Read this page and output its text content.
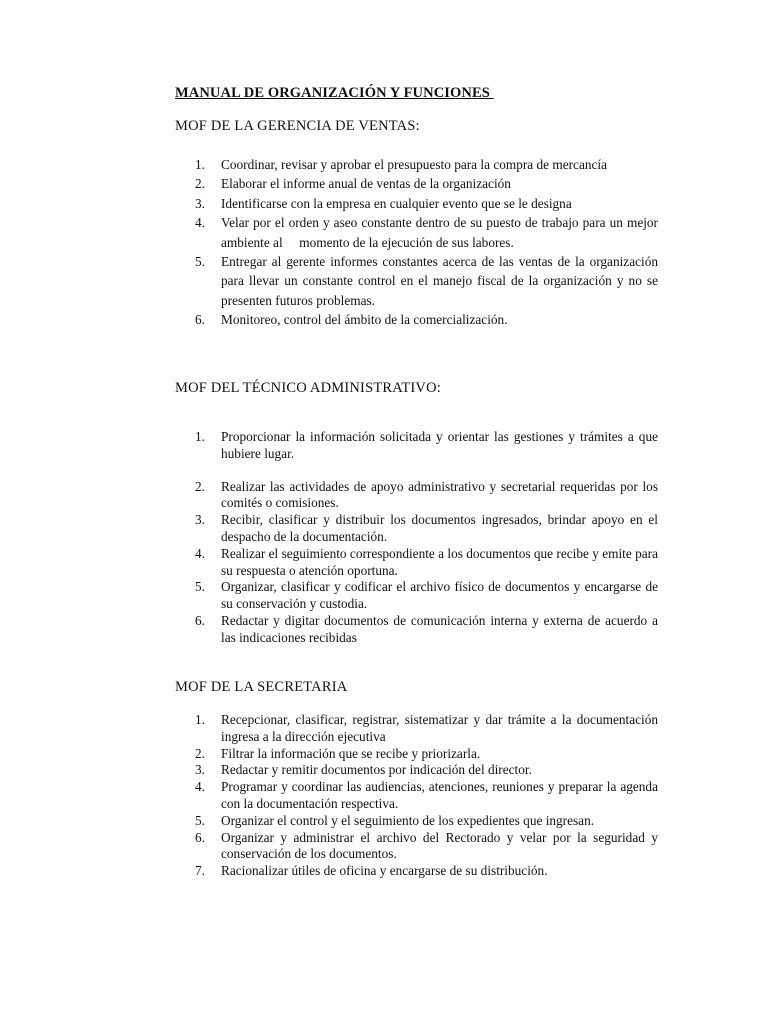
MANUAL DE ORGANIZACIÓN Y FUNCIONES
MOF DE LA GERENCIA DE VENTAS:
1.	Coordinar, revisar y aprobar el presupuesto para la compra de mercancía
2.	Elaborar el informe anual de ventas de la organización
3.	Identificarse con la empresa en cualquier evento que se le designa
4.	Velar por el orden y aseo constante dentro de su puesto de trabajo para un mejor ambiente al     momento de la ejecución de sus labores.
5.	Entregar al gerente informes constantes acerca de las ventas de la organización para llevar un constante control en el manejo fiscal de la organización y no se presenten futuros problemas.
6.	Monitoreo, control del ámbito de la comercialización.
MOF DEL TÉCNICO ADMINISTRATIVO:
1.	Proporcionar la información solicitada y orientar las gestiones y trámites a que hubiere lugar.
2.	Realizar las actividades de apoyo administrativo y secretarial requeridas por los comités o comisiones.
3.	Recibir, clasificar y distribuir los documentos ingresados, brindar apoyo en el despacho de la documentación.
4.	Realizar el seguimiento correspondiente a los documentos que recibe y emite para su respuesta o atención oportuna.
5.	Organizar, clasificar y codificar el archivo físico de documentos y encargarse de su conservación y custodia.
6.	Redactar y digitar documentos de comunicación interna y externa de acuerdo a las indicaciones recibidas
MOF DE LA SECRETARIA
1.	Recepcionar, clasificar, registrar, sistematizar y dar trámite a la documentación ingresa a la dirección ejecutiva
2.	Filtrar la información que se recibe y priorizarla.
3.	Redactar y remitir documentos por indicación del director.
4.	Programar y coordinar las audiencias, atenciones, reuniones y preparar la agenda con la documentación respectiva.
5.	Organizar el control y el seguimiento de los expedientes que ingresan.
6.	Organizar y administrar el archivo del Rectorado y velar por la seguridad y conservación de los documentos.
7.	Racionalizar útiles de oficina y encargarse de su distribución.
